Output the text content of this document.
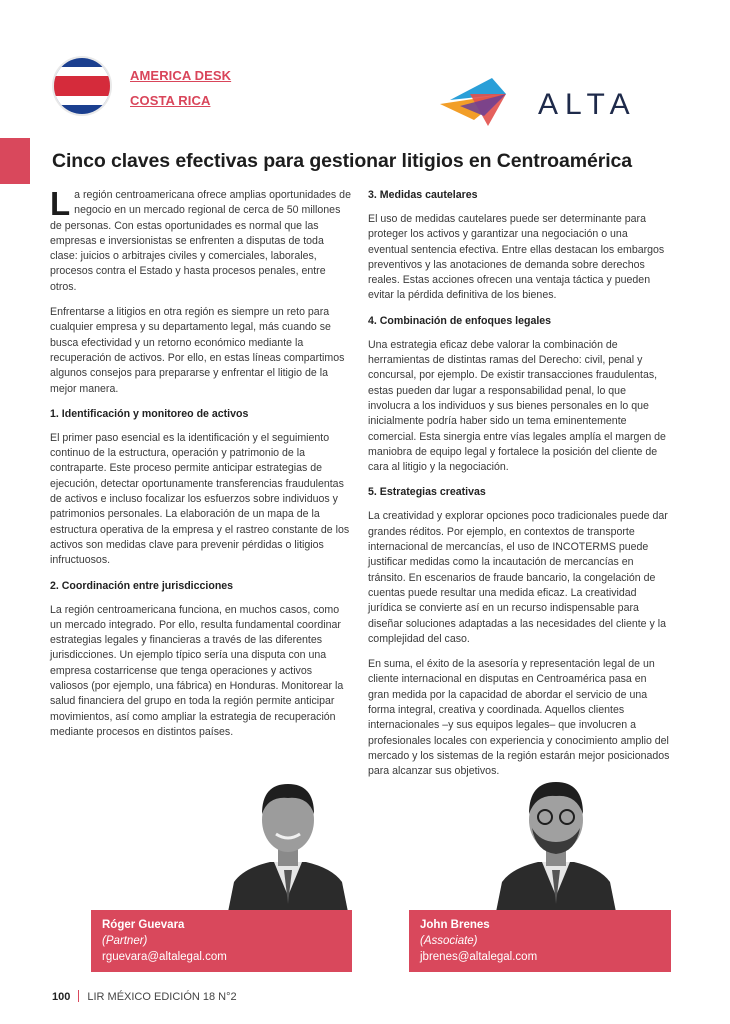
AMERICA DESK
COSTA RICA	ALTA
Cinco claves efectivas para gestionar litigios en Centroamérica

La región centroamericana ofrece amplias oportunidades de negocio en un mercado regional de cerca de 50 millones de personas. Con estas oportunidades es normal que las empresas e inversionistas se enfrenten a disputas de toda clase: juicios o arbitrajes civiles y comerciales, laborales, procesos contra el Estado y hasta procesos penales, entre otros.

Enfrentarse a litigios en otra región es siempre un reto para cualquier empresa y su departamento legal, más cuando se busca efectividad y un retorno económico mediante la recuperación de activos. Por ello, en estas líneas compartimos algunos consejos para prepararse y enfrentar el litigio de la mejor manera.

1. Identificación y monitoreo de activos

El primer paso esencial es la identificación y el seguimiento continuo de la estructura, operación y patrimonio de la contraparte. Este proceso permite anticipar estrategias de ejecución, detectar oportunamente transferencias fraudulentas de activos e incluso focalizar los esfuerzos sobre individuos y patrimonios personales. La elaboración de un mapa de la estructura operativa de la empresa y el rastreo constante de los activos son medidas clave para prevenir pérdidas o litigios infructuosos.

2. Coordinación entre jurisdicciones

La región centroamericana funciona, en muchos casos, como un mercado integrado. Por ello, resulta fundamental coordinar estrategias legales y financieras a través de las diferentes jurisdicciones. Un ejemplo típico sería una disputa con una empresa costarricense que tenga operaciones y activos valiosos (por ejemplo, una fábrica) en Honduras. Monitorear la salud financiera del grupo en toda la región permite anticipar movimientos, así como ampliar la estrategia de recuperación mediante procesos en distintos países.

3. Medidas cautelares

El uso de medidas cautelares puede ser determinante para proteger los activos y garantizar una negociación o una eventual sentencia efectiva. Entre ellas destacan los embargos preventivos y las anotaciones de demanda sobre derechos reales. Estas acciones ofrecen una ventaja táctica y pueden evitar la pérdida definitiva de los bienes.

4. Combinación de enfoques legales

Una estrategia eficaz debe valorar la combinación de herramientas de distintas ramas del Derecho: civil, penal y concursal, por ejemplo. De existir transacciones fraudulentas, estas pueden dar lugar a responsabilidad penal, lo que involucra a los individuos y sus bienes personales en lo que inicialmente podría haber sido un tema eminentemente comercial. Esta sinergia entre vías legales amplía el margen de maniobra de equipo legal y fortalece la posición del cliente de cara al litigio y la negociación.

5. Estrategias creativas

La creatividad y explorar opciones poco tradicionales puede dar grandes réditos. Por ejemplo, en contextos de transporte internacional de mercancías, el uso de INCOTERMS puede justificar medidas como la incautación de mercancías en tránsito. En escenarios de fraude bancario, la congelación de cuentas puede resultar una medida eficaz. La creatividad jurídica se convierte así en un recurso indispensable para diseñar soluciones adaptadas a las necesidades del cliente y la complejidad del caso.

En suma, el éxito de la asesoría y representación legal de un cliente internacional en disputas en Centroamérica pasa en gran medida por la capacidad de abordar el servicio de una forma integral, creativa y coordinada. Aquellos clientes internacionales –y sus equipos legales– que involucren a profesionales locales con experiencia y conocimiento amplio del mercado y los sistemas de la región estarán mejor posicionados para alcanzar sus objetivos.

Róger Guevara
(Partner)
rguevara@altalegal.com
John Brenes
(Associate)
jbrenes@altalegal.com
100 LIR MÉXICO EDICIÓN 18 N°2
